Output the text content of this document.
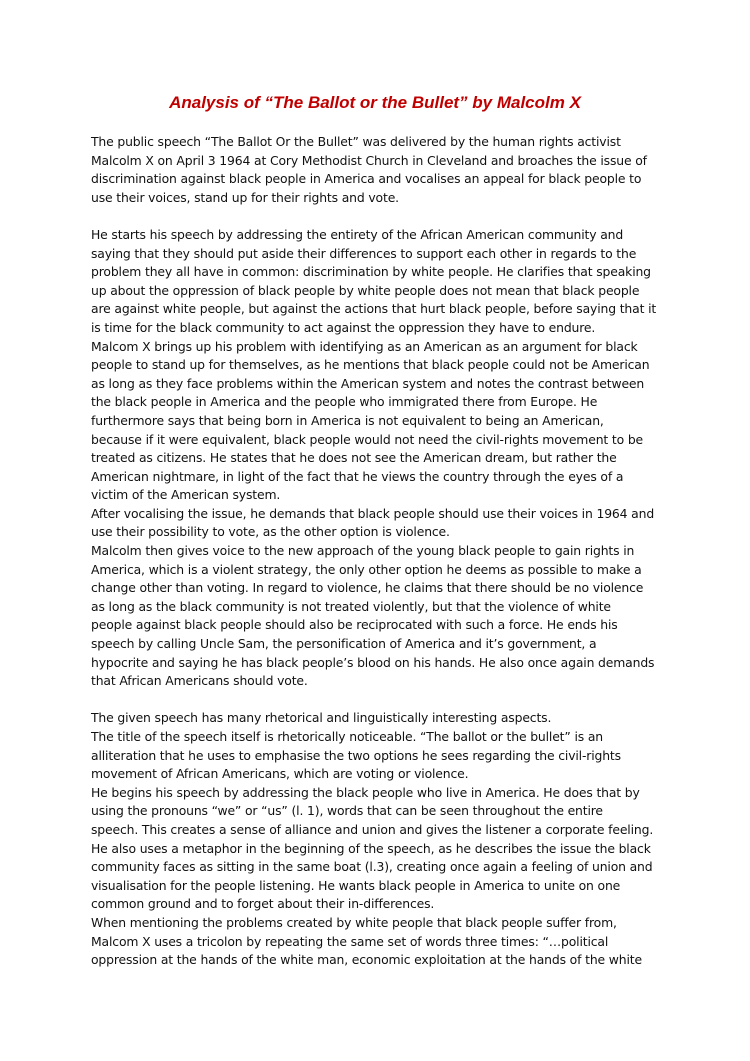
Analysis of “The Ballot or the Bullet” by Malcolm X

The public speech “The Ballot Or the Bullet” was delivered by the human rights activist
Malcolm X on April 3 1964 at Cory Methodist Church in Cleveland and broaches the issue of
discrimination against black people in America and vocalises an appeal for black people to
use their voices, stand up for their rights and vote.

He starts his speech by addressing the entirety of the African American community and
saying that they should put aside their differences to support each other in regards to the
problem they all have in common: discrimination by white people. He clarifies that speaking
up about the oppression of black people by white people does not mean that black people
are against white people, but against the actions that hurt black people, before saying that it
is time for the black community to act against the oppression they have to endure.

Malcom X brings up his problem with identifying as an American as an argument for black
people to stand up for themselves, as he mentions that black people could not be American
as long as they face problems within the American system and notes the contrast between
the black people in America and the people who immigrated there from Europe. He
furthermore says that being born in America is not equivalent to being an American,
because if it were equivalent, black people would not need the civil-rights movement to be
treated as citizens. He states that he does not see the American dream, but rather the
American nightmare, in light of the fact that he views the country through the eyes of a
victim of the American system.

After vocalising the issue, he demands that black people should use their voices in 1964 and
use their possibility to vote, as the other option is violence.

Malcolm then gives voice to the new approach of the young black people to gain rights in
America, which is a violent strategy, the only other option he deems as possible to make a
change other than voting. In regard to violence, he claims that there should be no violence
as long as the black community is not treated violently, but that the violence of white
people against black people should also be reciprocated with such a force. He ends his
speech by calling Uncle Sam, the personification of America and it’s government, a
hypocrite and saying he has black people’s blood on his hands. He also once again demands
that African Americans should vote.

The given speech has many rhetorical and linguistically interesting aspects.

The title of the speech itself is rhetorically noticeable. “The ballot or the bullet” is an
alliteration that he uses to emphasise the two options he sees regarding the civil-rights
movement of African Americans, which are voting or violence.

He begins his speech by addressing the black people who live in America. He does that by
using the pronouns “we” or “us” (l. 1), words that can be seen throughout the entire
speech. This creates a sense of alliance and union and gives the listener a corporate feeling.
He also uses a metaphor in the beginning of the speech, as he describes the issue the black
community faces as sitting in the same boat (l.3), creating once again a feeling of union and
visualisation for the people listening. He wants black people in America to unite on one
common ground and to forget about their in-differences.

When mentioning the problems created by white people that black people suffer from,
Malcom X uses a tricolon by repeating the same set of words three times: “…political
oppression at the hands of the white man, economic exploitation at the hands of the white
